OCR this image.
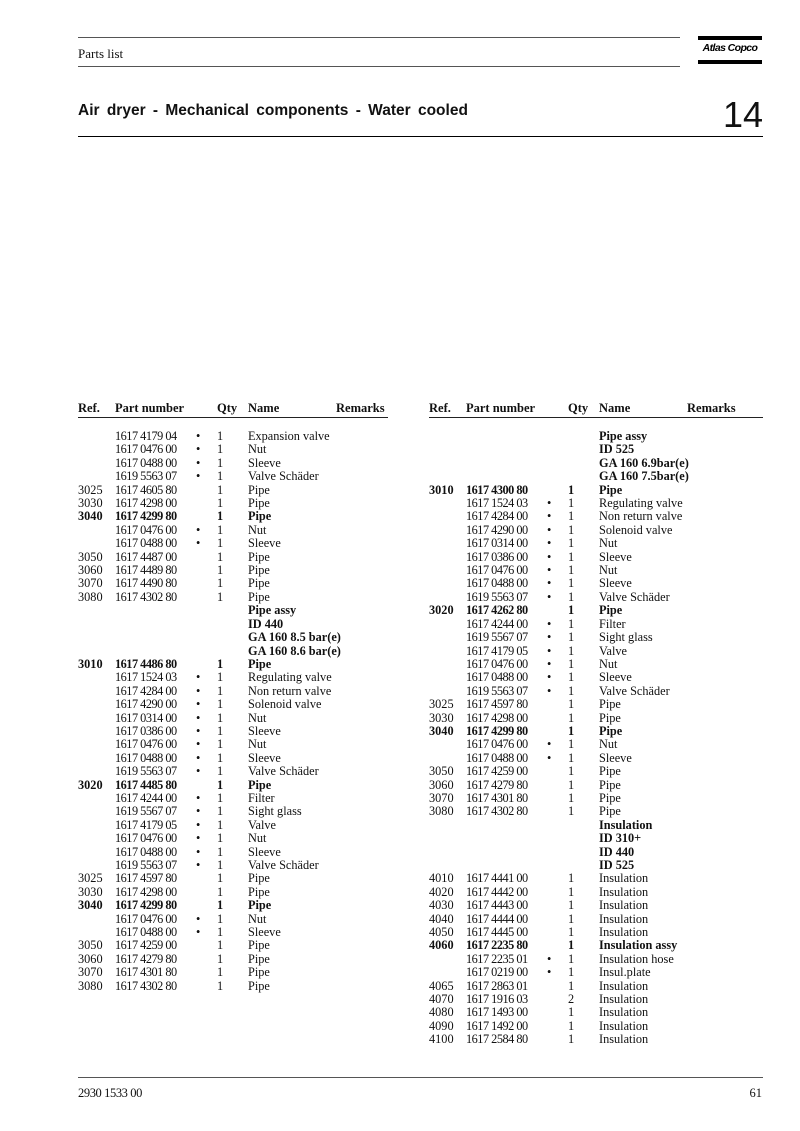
Parts list	Atlas Copco
Air dryer - Mechanical components - Water cooled	14
Ref. Part number	Qty Name	Remarks
1617 4179 04 • 1 Expansion valve
1617 0476 00 • 1 Nut
1617 0488 00 • 1 Sleeve
1619 5563 07 • 1 Valve Schäder
3025 1617 4605 80	1 Pipe
3030 1617 4298 00	1 Pipe
3040 1617 4299 80	1 Pipe
1617 0476 00 • 1 Nut
1617 0488 00 • 1 Sleeve
3050 1617 4487 00	1 Pipe
3060 1617 4489 80	1 Pipe
3070 1617 4490 80	1 Pipe
3080 1617 4302 80	1 Pipe
Pipe assy
ID 440
GA 160 8.5 bar(e)
GA 160 8.6 bar(e)
3010 1617 4486 80	1 Pipe
1617 1524 03 • 1 Regulating valve
1617 4284 00 • 1 Non return valve
1617 4290 00 • 1 Solenoid valve
1617 0314 00 • 1 Nut
1617 0386 00 • 1 Sleeve
1617 0476 00 • 1 Nut
1617 0488 00 • 1 Sleeve
1619 5563 07 • 1 Valve Schäder
3020 1617 4485 80	1 Pipe
1617 4244 00 • 1 Filter
1619 5567 07 • 1 Sight glass
1617 4179 05 • 1 Valve
1617 0476 00 • 1 Nut
1617 0488 00 • 1 Sleeve
1619 5563 07 • 1 Valve Schäder
3025 1617 4597 80	1 Pipe
3030 1617 4298 00	1 Pipe
3040 1617 4299 80	1 Pipe
1617 0476 00 • 1 Nut
1617 0488 00 • 1 Sleeve
3050 1617 4259 00	1 Pipe
3060 1617 4279 80	1 Pipe
3070 1617 4301 80	1 Pipe
3080 1617 4302 80	1 Pipe
Ref. Part number	Qty Name	Remarks
Pipe assy
ID 525
GA 160 6.9bar(e)
GA 160 7.5bar(e)
3010 1617 4300 80	1 Pipe
1617 1524 03 • 1 Regulating valve
1617 4284 00 • 1 Non return valve
1617 4290 00 • 1 Solenoid valve
1617 0314 00 • 1 Nut
1617 0386 00 • 1 Sleeve
1617 0476 00 • 1 Nut
1617 0488 00 • 1 Sleeve
1619 5563 07 • 1 Valve Schäder
3020 1617 4262 80	1 Pipe
1617 4244 00 • 1 Filter
1619 5567 07 • 1 Sight glass
1617 4179 05 • 1 Valve
1617 0476 00 • 1 Nut
1617 0488 00 • 1 Sleeve
1619 5563 07 • 1 Valve Schäder
3025 1617 4597 80	1 Pipe
3030 1617 4298 00	1 Pipe
3040 1617 4299 80	1 Pipe
1617 0476 00 • 1 Nut
1617 0488 00 • 1 Sleeve
3050 1617 4259 00	1 Pipe
3060 1617 4279 80	1 Pipe
3070 1617 4301 80	1 Pipe
3080 1617 4302 80	1 Pipe
Insulation
ID 310+
ID 440
ID 525
4010 1617 4441 00	1 Insulation
4020 1617 4442 00	1 Insulation
4030 1617 4443 00	1 Insulation
4040 1617 4444 00	1 Insulation
4050 1617 4445 00	1 Insulation
4060 1617 2235 80	1 Insulation assy
1617 2235 01 • 1 Insulation hose
1617 0219 00 • 1 Insul.plate
4065 1617 2863 01	1 Insulation
4070 1617 1916 03	2 Insulation
4080 1617 1493 00	1 Insulation
4090 1617 1492 00	1 Insulation
4100 1617 2584 80	1 Insulation
2930 1533 00	61
